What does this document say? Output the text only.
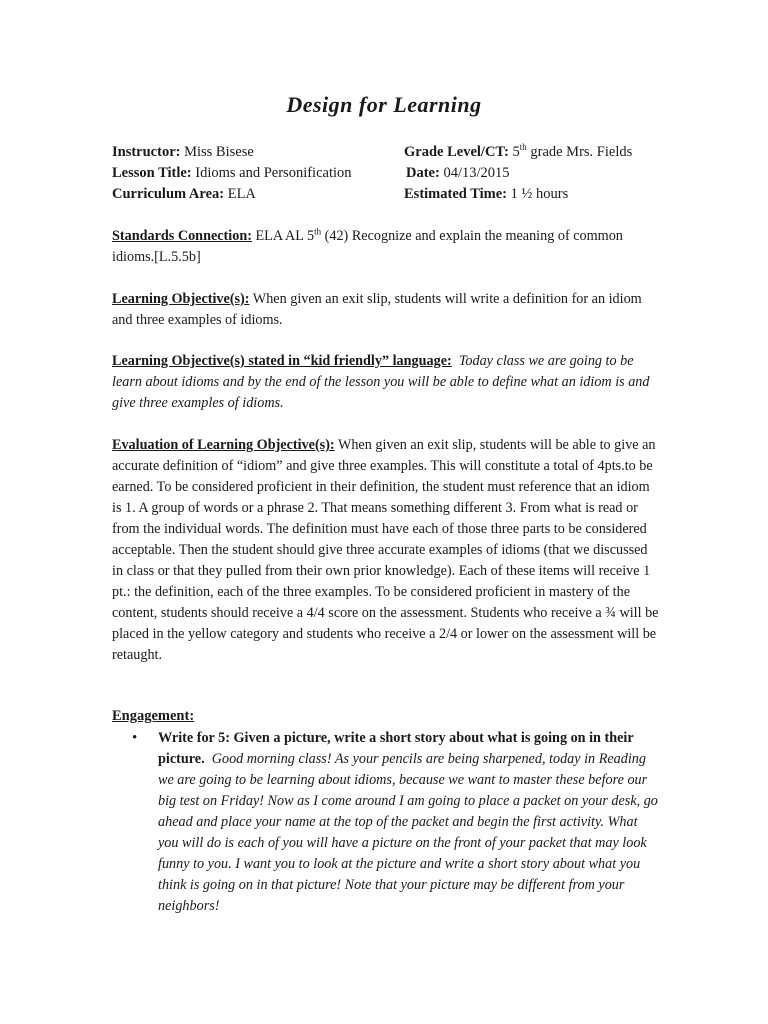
Design for Learning
Instructor: Miss Bisese	Grade Level/CT: 5th grade Mrs. Fields
Lesson Title: Idioms and Personification	Date: 04/13/2015
Curriculum Area: ELA	Estimated Time: 1 ½ hours
Standards Connection: ELA AL 5th (42) Recognize and explain the meaning of common idioms.[L.5.5b]
Learning Objective(s): When given an exit slip, students will write a definition for an idiom and three examples of idioms.
Learning Objective(s) stated in “kid friendly” language: Today class we are going to be learn about idioms and by the end of the lesson you will be able to define what an idiom is and give three examples of idioms.
Evaluation of Learning Objective(s): When given an exit slip, students will be able to give an accurate definition of “idiom” and give three examples. This will constitute a total of 4pts.to be earned. To be considered proficient in their definition, the student must reference that an idiom is 1. A group of words or a phrase 2. That means something different 3. From what is read or from the individual words. The definition must have each of those three parts to be considered acceptable. Then the student should give three accurate examples of idioms (that we discussed in class or that they pulled from their own prior knowledge). Each of these items will receive 1 pt.: the definition, each of the three examples. To be considered proficient in mastery of the content, students should receive a 4/4 score on the assessment. Students who receive a ¾ will be placed in the yellow category and students who receive a 2/4 or lower on the assessment will be retaught.
Engagement:
• Write for 5: Given a picture, write a short story about what is going on in their picture. Good morning class! As your pencils are being sharpened, today in Reading we are going to be learning about idioms, because we want to master these before our big test on Friday! Now as I come around I am going to place a packet on your desk, go ahead and place your name at the top of the packet and begin the first activity. What you will do is each of you will have a picture on the front of your packet that may look funny to you. I want you to look at the picture and write a short story about what you think is going on in that picture! Note that your picture may be different from your neighbors!
